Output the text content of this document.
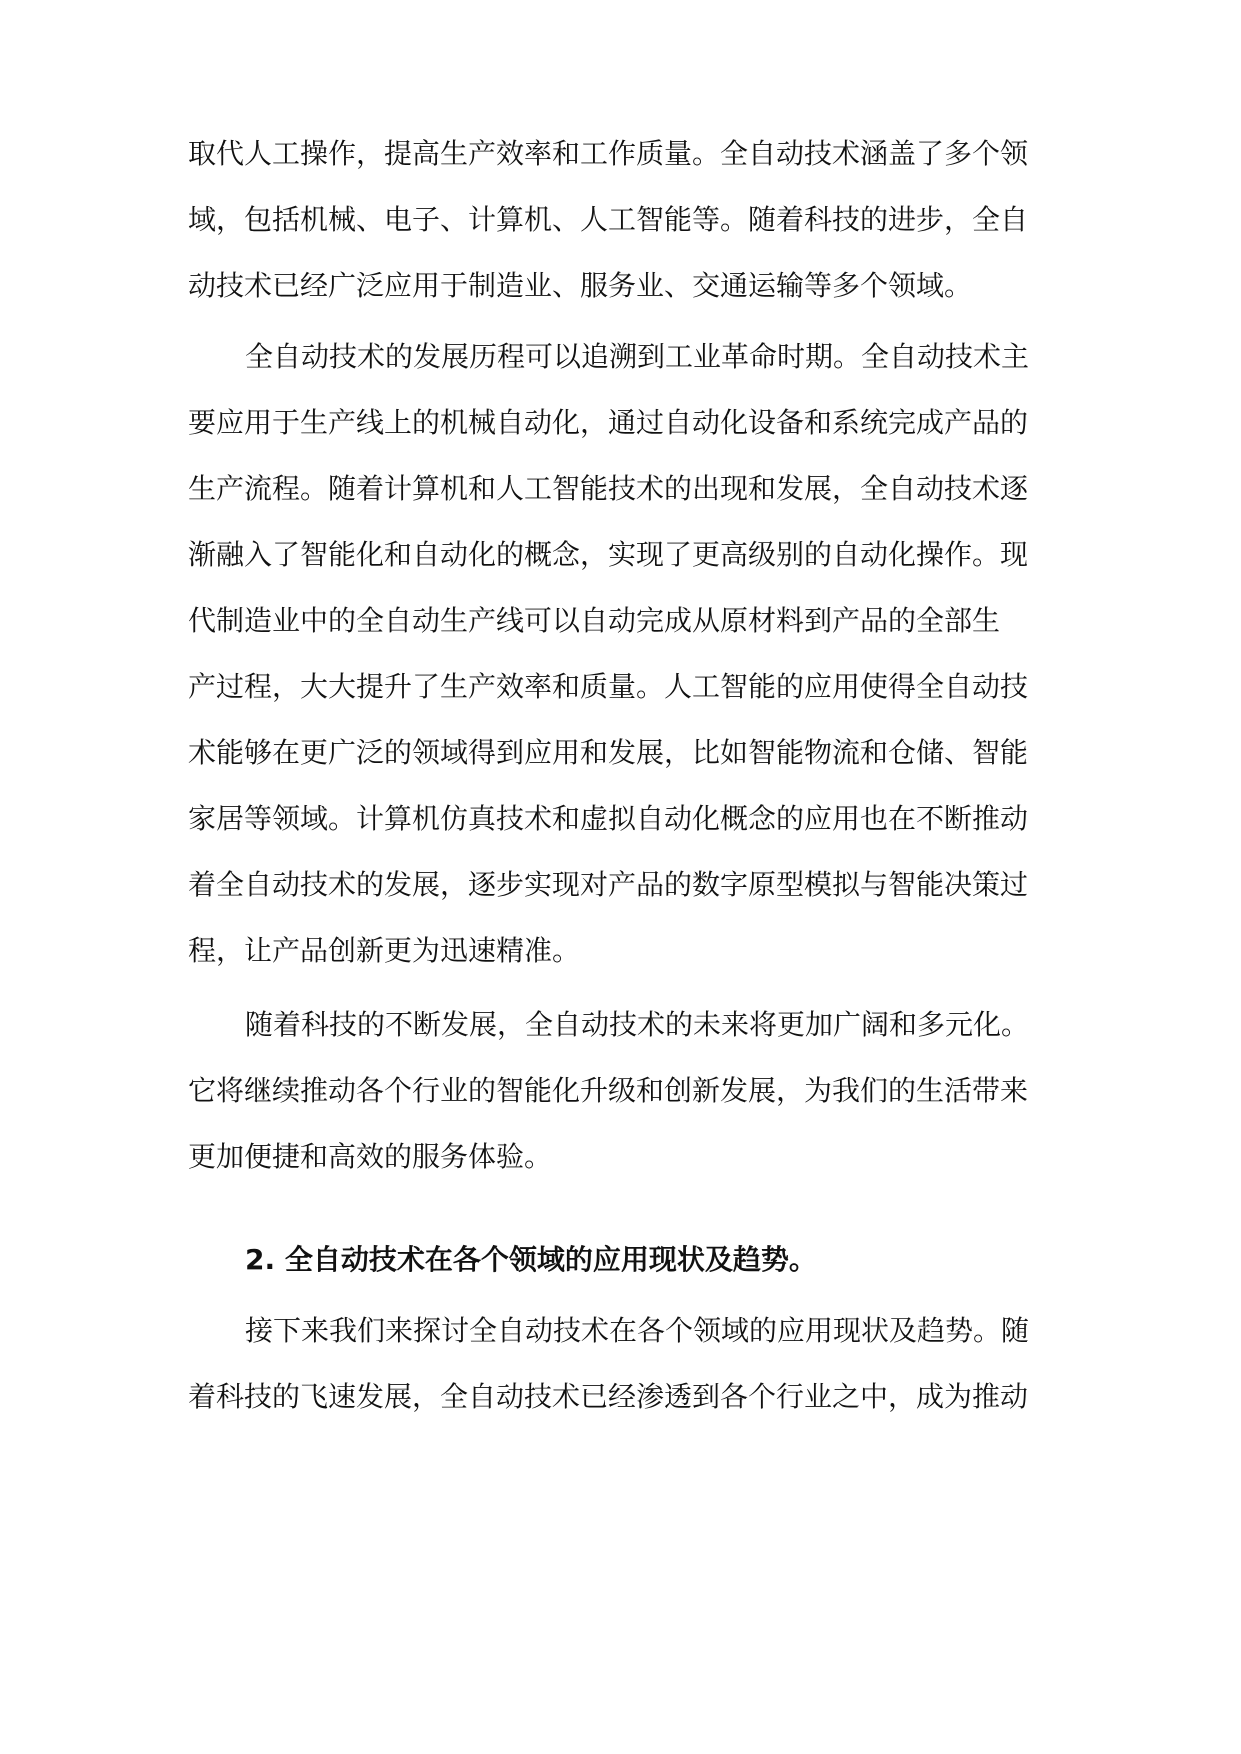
取代人工操作，提高生产效率和工作质量。全自动技术涵盖了多个领
域，包括机械、电子、计算机、人工智能等。随着科技的进步，全自
动技术已经广泛应用于制造业、服务业、交通运输等多个领域。
全自动技术的发展历程可以追溯到工业革命时期。全自动技术主
要应用于生产线上的机械自动化，通过自动化设备和系统完成产品的
生产流程。随着计算机和人工智能技术的出现和发展，全自动技术逐
渐融入了智能化和自动化的概念，实现了更高级别的自动化操作。现
代制造业中的全自动生产线可以自动完成从原材料到产品的全部生
产过程，大大提升了生产效率和质量。人工智能的应用使得全自动技
术能够在更广泛的领域得到应用和发展，比如智能物流和仓储、智能
家居等领域。计算机仿真技术和虚拟自动化概念的应用也在不断推动
着全自动技术的发展，逐步实现对产品的数字原型模拟与智能决策过
程，让产品创新更为迅速精准。
随着科技的不断发展，全自动技术的未来将更加广阔和多元化。
它将继续推动各个行业的智能化升级和创新发展，为我们的生活带来
更加便捷和高效的服务体验。
2. 全自动技术在各个领域的应用现状及趋势。
接下来我们来探讨全自动技术在各个领域的应用现状及趋势。随
着科技的飞速发展，全自动技术已经渗透到各个行业之中，成为推动
